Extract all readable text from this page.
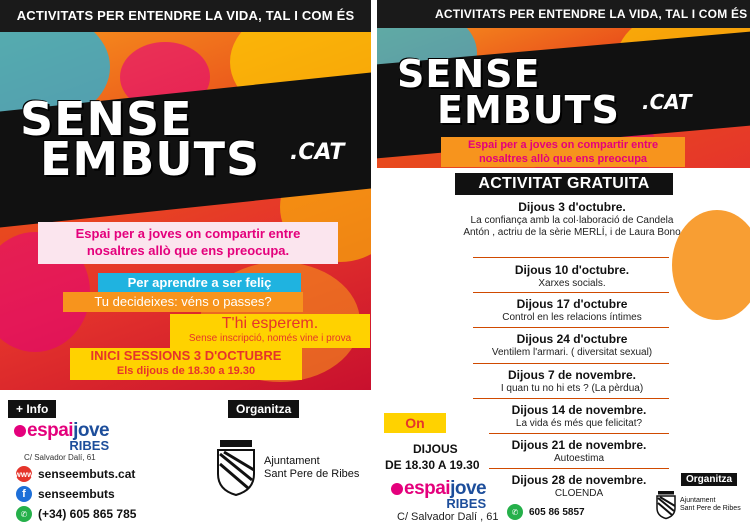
ACTIVITATS PER ENTENDRE LA VIDA, TAL I COM ÉS
SENSE
EMBUTS .CAT
Espai per a joves on compartir entre nosaltres allò que ens preocupa.
Per aprendre a ser feliç
Tu decideixes: véns o passes?
T'hi esperem.
Sense inscripció, només vine i prova
INICI SESSIONS 3 D'OCTUBRE
Els dijous de 18.30 a 19.30
+ Info	Organitza
espaijove
RIBES
C/ Salvador Dalí, 61
www senseembuts.cat
f	senseembuts
✆ (+34) 605 865 785
Ajuntament
Sant Pere de Ribes
ACTIVITATS PER ENTENDRE LA VIDA, TAL I COM ÉS
SENSE
EMBUTS .CAT
Espai per a joves on compartir entre nosaltres allò que ens preocupa
ACTIVITAT GRATUITA
Dijous 3 d'octubre.
La confiança amb la col·laboració de Candela Antón , actriu de la sèrie MERLÍ, i de Laura Bono
Dijous 10 d'octubre.
Xarxes socials.
Dijous 17 d'octubre
Control en les relacions íntimes
Dijous 24 d'octubre
Ventilem l'armari. ( diversitat sexual)
Dijous 7 de novembre.
I quan tu no hi ets ? (La pèrdua)
Dijous 14 de novembre.
La vida és més que felicitat?
Dijous 21 de novembre.
Autoestima
Dijous 28 de novembre.
CLOENDA
On
DIJOUS
DE 18.30 A 19.30
espaijove
RIBES
C/ Salvador Dalí , 61	✆	605 86 5857
Organitza
Ajuntament
Sant Pere de Ribes
